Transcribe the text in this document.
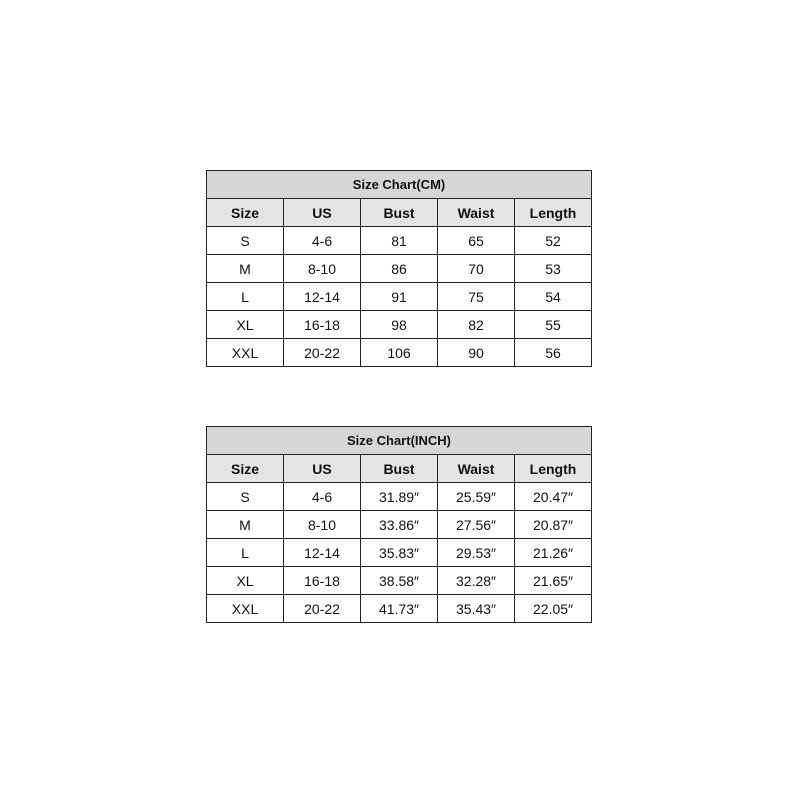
Size Chart(CM)				
Size	US	Bust	Waist	Length
S	4-6	81	65	52
M	8-10	86	70	53
L	12-14	91	75	54
XL	16-18	98	82	55
XXL	20-22	106	90	56
Size Chart(INCH)				
Size	US	Bust	Waist	Length
S	4-6	31.89″	25.59″	20.47″
M	8-10	33.86″	27.56″	20.87″
L	12-14	35.83″	29.53″	21.26″
XL	16-18	38.58″	32.28″	21.65″
XXL	20-22	41.73″	35.43″	22.05″
